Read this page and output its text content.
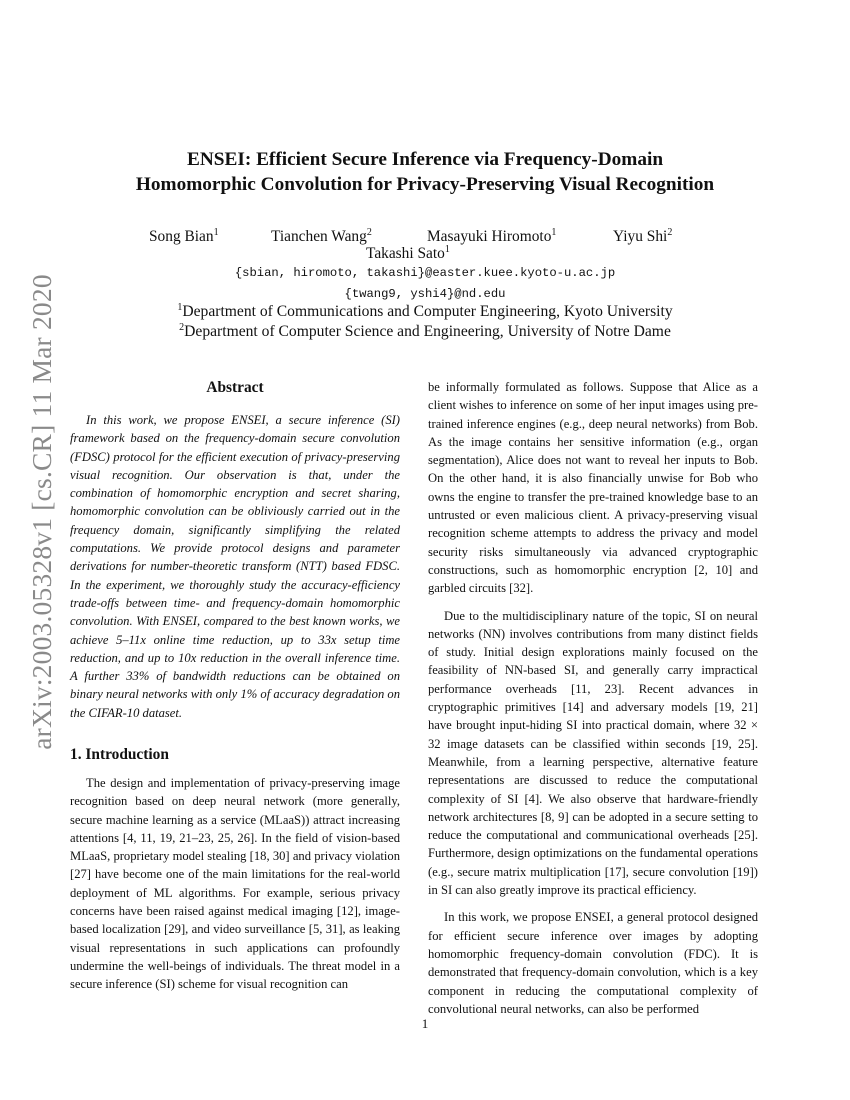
arXiv:2003.05328v1 [cs.CR] 11 Mar 2020
ENSEI: Efficient Secure Inference via Frequency-Domain
Homomorphic Convolution for Privacy-Preserving Visual Recognition
Song Bian$^1$	Tianchen Wang$^2$	Masayuki Hiromoto$^1$	Yiyu Shi$^2$
Takashi Sato$^1$
{sbian, hiromoto, takashi}@easter.kuee.kyoto-u.ac.jp
{twang9, yshi4}@nd.edu
$^1$Department of Communications and Computer Engineering, Kyoto University
$^2$Department of Computer Science and Engineering, University of Notre Dame
Abstract

In this work, we propose ENSEI, a secure inference (SI) framework based on the frequency-domain secure convolution (FDSC) protocol for the efficient execution of privacy-preserving visual recognition. Our observation is that, under the combination of homomorphic encryption and secret sharing, homomorphic convolution can be obliviously carried out in the frequency domain, significantly simplifying the related computations. We provide protocol designs and parameter derivations for number-theoretic transform (NTT) based FDSC. In the experiment, we thoroughly study the accuracy-efficiency trade-offs between time- and frequency-domain homomorphic convolution. With ENSEI, compared to the best known works, we achieve 5–11x online time reduction, up to 33x setup time reduction, and up to 10x reduction in the overall inference time. A further 33% of bandwidth reductions can be obtained on binary neural networks with only 1% of accuracy degradation on the CIFAR-10 dataset.

1. Introduction

The design and implementation of privacy-preserving image recognition based on deep neural network (more generally, secure machine learning as a service (MLaaS)) attract increasing attentions [4, 11, 19, 21–23, 25, 26]. In the field of vision-based MLaaS, proprietary model stealing [18, 30] and privacy violation [27] have become one of the main limitations for the real-world deployment of ML algorithms. For example, serious privacy concerns have been raised against medical imaging [12], image-based localization [29], and video surveillance [5, 31], as leaking visual representations in such applications can profoundly undermine the well-beings of individuals. The threat model in a secure inference (SI) scheme for visual recognition can

be informally formulated as follows. Suppose that Alice as a client wishes to inference on some of her input images using pre-trained inference engines (e.g., deep neural networks) from Bob. As the image contains her sensitive information (e.g., organ segmentation), Alice does not want to reveal her inputs to Bob. On the other hand, it is also financially unwise for Bob who owns the engine to transfer the pre-trained knowledge base to an untrusted or even malicious client. A privacy-preserving visual recognition scheme attempts to address the privacy and model security risks simultaneously via advanced cryptographic constructions, such as homomorphic encryption [2, 10] and garbled circuits [32].

Due to the multidisciplinary nature of the topic, SI on neural networks (NN) involves contributions from many distinct fields of study. Initial design explorations mainly focused on the feasibility of NN-based SI, and generally carry impractical performance overheads [11, 23]. Recent advances in cryptographic primitives [14] and adversary models [19, 21] have brought input-hiding SI into practical domain, where 32 × 32 image datasets can be classified within seconds [19, 25]. Meanwhile, from a learning perspective, alternative feature representations are discussed to reduce the computational complexity of SI [4]. We also observe that hardware-friendly network architectures [8, 9] can be adopted in a secure setting to reduce the computational and communicational overheads [25]. Furthermore, design optimizations on the fundamental operations (e.g., secure matrix multiplication [17], secure convolution [19]) in SI can also greatly improve its practical efficiency.

In this work, we propose ENSEI, a general protocol designed for efficient secure inference over images by adopting homomorphic frequency-domain convolution (FDC). It is demonstrated that frequency-domain convolution, which is a key component in reducing the computational complexity of convolutional neural networks, can also be performed

1
